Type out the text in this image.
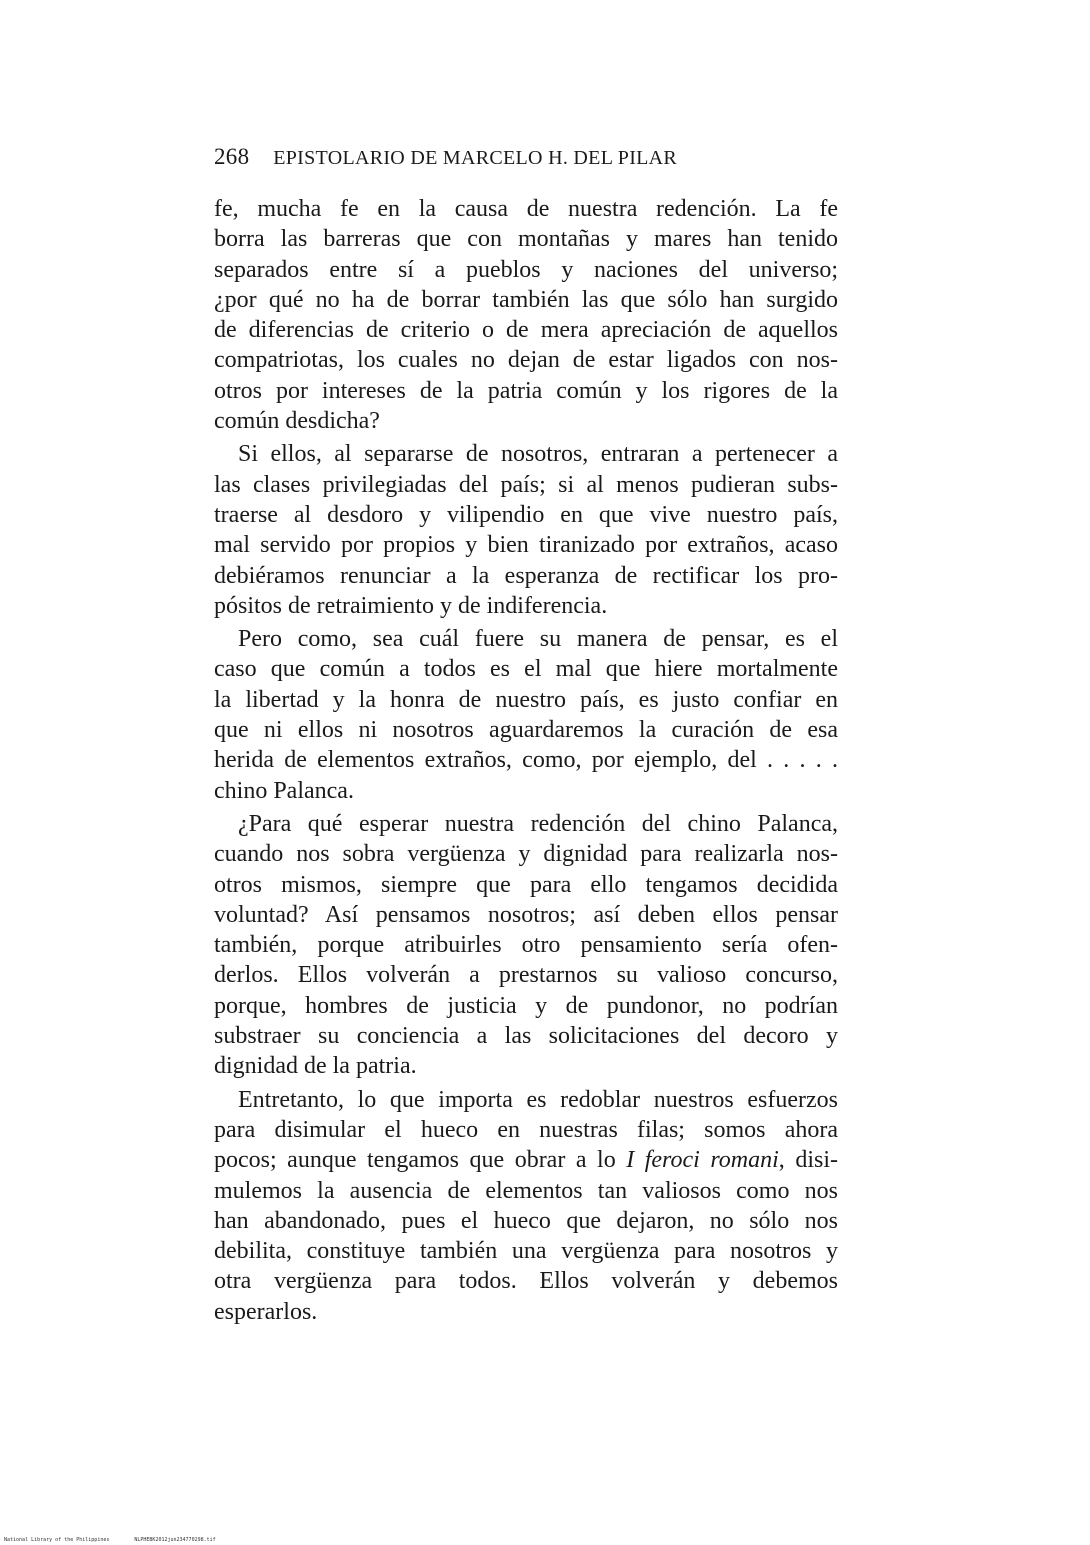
268 EPISTOLARIO DE MARCELO H. DEL PILAR

fe, mucha fe en la causa de nuestra redención. La fe
borra las barreras que con montañas y mares han tenido
separados entre sí a pueblos y naciones del universo;
¿por qué no ha de borrar también las que sólo han surgido
de diferencias de criterio o de mera apreciación de aquellos
compatriotas, los cuales no dejan de estar ligados con nos-
otros por intereses de la patria común y los rigores de la
común desdicha?

Si ellos, al separarse de nosotros, entraran a pertenecer a
las clases privilegiadas del país; si al menos pudieran subs-
traerse al desdoro y vilipendio en que vive nuestro país,
mal servido por propios y bien tiranizado por extraños, acaso
debiéramos renunciar a la esperanza de rectificar los pro-
pósitos de retraimiento y de indiferencia.

Pero como, sea cuál fuere su manera de pensar, es el
caso que común a todos es el mal que hiere mortalmente
la libertad y la honra de nuestro país, es justo confiar en
que ni ellos ni nosotros aguardaremos la curación de esa
herida de elementos extraños, como, por ejemplo, del . . . . .
chino Palanca.

¿Para qué esperar nuestra redención del chino Palanca,
cuando nos sobra vergüenza y dignidad para realizarla nos-
otros mismos, siempre que para ello tengamos decidida
voluntad? Así pensamos nosotros; así deben ellos pensar
también, porque atribuirles otro pensamiento sería ofen-
derlos. Ellos volverán a prestarnos su valioso concurso,
porque, hombres de justicia y de pundonor, no podrían
substraer su conciencia a las solicitaciones del decoro y
dignidad de la patria.

Entretanto, lo que importa es redoblar nuestros esfuerzos
para disimular el hueco en nuestras filas; somos ahora
pocos; aunque tengamos que obrar a lo I feroci romani, disi-
mulemos la ausencia de elementos tan valiosos como nos
han abandonado, pues el hueco que dejaron, no sólo nos
debilita, constituye también una vergüenza para nosotros y
otra vergüenza para todos. Ellos volverán y debemos
esperarlos.

National Library of the Philippines	NLPHEBK2012jun234770298.tif
